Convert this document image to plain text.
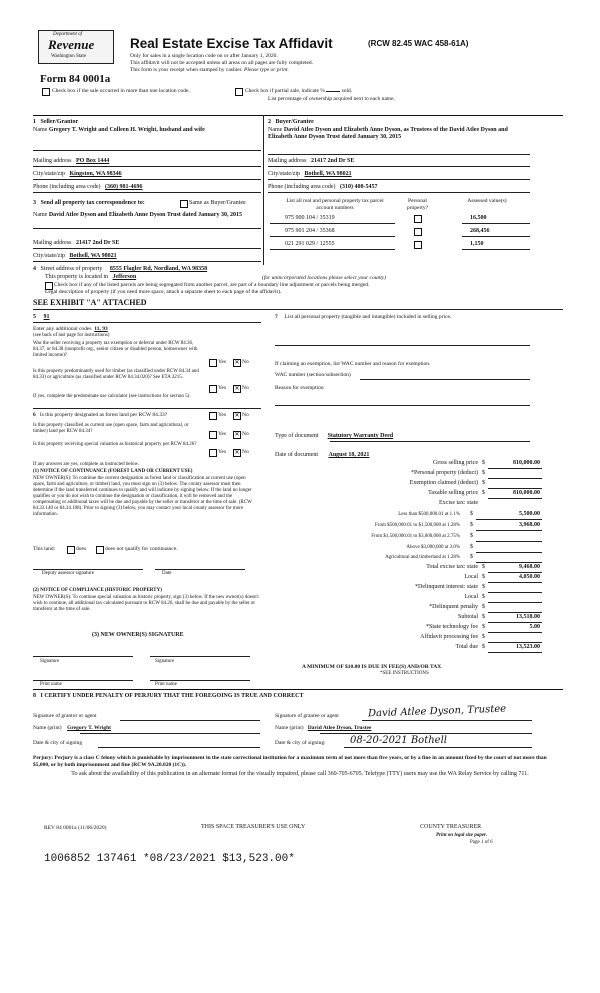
Department of
Revenue
Washington State
Real Estate Excise Tax Affidavit	(RCW 82.45 WAC 458-61A)
Only for sales in a single location code on or after January 1, 2020.
This affidavit will not be accepted unless all areas on all pages are fully completed.
This form is your receipt when stamped by cashier. Please type or print.
Form 84 0001a
Check box if the sale occurred in more than one location code.	Check box if partial sale, indicate %	sold.
List percentage of ownership acquired next to each name.
1 Seller/Grantor
Name Gregory T. Wright and Colleen H. Wright, husband and wife
Mailing address PO Box 1444
City/state/zip Kingston, WA 98346
Phone (including area code) (360) 981-4696
2 Buyer/Grantee
Name David Atlee Dyson and Elizabeth Anne Dyson, as Trustees of the David Atlee Dyson and Elizabeth Anne Dyson Trust dated January 30, 2015
Mailing address 21417 2nd Dr SE
City/state/zip Bothell, WA 98021
Phone (including area code) (310) 408-5457
List all real and personal property tax parcel account numbers
Personal property?
Assessed value(s)
975 900 104 / 35319	16,500
975 901 204 / 35368	268,456
021 291 029 / 12555	1,150
3 Send all property tax correspondence to:	Same as Buyer/Grantee
Name David Atlee Dyson and Elizabeth Anne Dyson Trust dated January 30, 2015
Mailing address 21417 2nd Dr SE
City/state/zip Bothell, WA 98021
4 Street address of property 8555 Flagler Rd, Nordland, WA 98358
This property is located in Jefferson	(for unincorporated locations please select your county)
Check box if any of the listed parcels are being segregated from another parcel, are part of a boundary line adjustment or parcels being merged.
Legal description of property (if you need more space, attach a separate sheet to each page of the affidavit).
SEE EXHIBIT "A" ATTACHED
5 91
Enter any additional codes 11, 93
(see back of last page for instructions)
Was the seller receiving a property tax exemption or deferral under RCW 84.36, 84.37, or 84.38 (nonprofit org., senior citizen or disabled person, homeowner with limited income)?
Yes ✕ No
Is this property predominantly used for timber (as classified under RCW 84.34 and 84.33) or agriculture (as classified under RCW 84.34.020)? See ETA 3215.
Yes ✕ No
If yes, complete the predominate use calculator (see instructions for section 5).
6 Is this property designated as forest land per RCW 84.33?	Yes ✕ No
Is this property classified as current use (open space, farm and agricultural, or timber) land per RCW 84.34?	Yes ✕ No
Is this property receiving special valuation as historical property per RCW 84.26?
Yes ✕ No
If any answers are yes, complete as instructed below.
(1) NOTICE OF CONTINUANCE (FOREST LAND OR CURRENT USE)
NEW OWNER(S): To continue the current designation as forest land or classification as current use (open space, farm and agriculture, or timber) land, you must sign on (3) below. The county assessor must then determine if the land transferred continues to qualify and will indicate by signing below. If the land no longer qualifies or you do not wish to continue the designation or classification, it will be removed and the compensating or additional taxes will be due and payable by the seller or transferor at the time of sale. (RCW 84.33.140 or 84.34.108). Prior to signing (3) below, you may contact your local county assessor for more information.
This land:	does	does not qualify for continuance.
Deputy assessor signature	Date
(2) NOTICE OF COMPLIANCE (HISTORIC PROPERTY)
NEW OWNER(S): To continue special valuation as historic property, sign (3) below. If the new owner(s) doesn't wish to continue, all additional tax calculated pursuant to RCW 84.26, shall be due and payable by the seller or transferor at the time of sale.
(3) NEW OWNER(S) SIGNATURE
Signature	Signature
Print name	Print name
7 List all personal property (tangible and intangible) included in selling price.
If claiming an exemption, list WAC number and reason for exemption.
WAC number (section/subsection)
Reason for exemption
Type of document Statutory Warranty Deed
Date of document August 18, 2021
Gross selling price $	810,000.00
*Personal property (deduct) $
Exemption claimed (deduct) $
Taxable selling price $	810,000.00
Excise tax: state
Less than $500,000.01 at 1.1% $	5,500.00
From $500,000.01 to $1,500,000 at 1.28% $	3,968.00
From $1,500,000.01 to $3,000,000 at 2.75% $
Above $3,000,000 at 3.0% $
Agricultural and timberland at 1.28% $
Total excise tax: state $	9,468.00
Local $	4,050.00
*Delinquent interest: state $
Local $
*Delinquent penalty $
Subtotal $	13,518.00
*State technology fee $	5.00
Affidavit processing fee $
Total due $	13,523.00
A MINIMUM OF $10.00 IS DUE IN FEE(S) AND/OR TAX
*SEE INSTRUCTIONS
8 I CERTIFY UNDER PENALTY OF PERJURY THAT THE FOREGOING IS TRUE AND CORRECT
Signature of grantor or agent	Signature of grantee or agent	David Atlee Dyson, Trustee
Name (print) Gregory T. Wright	Name (print) David Atlee Dyson, Trustee
Date & city of signing	Date & city of signing: 08-20-2021 Bothell
Perjury: Perjury is a class C felony which is punishable by imprisonment in the state correctional institution for a maximum term of not more than five years, or by a fine in an amount fixed by the court of not more than $5,000, or by both imprisonment and fine (RCW 9A.20.020 (1C)).
To ask about the availability of this publication in an alternate format for the visually impaired, please call 360-705-6705. Teletype (TTY) users may use the WA Relay Service by calling 711.
REV 84 0001a (11/06/2020)	THIS SPACE TREASURER'S USE ONLY	COUNTY TREASURER
Print on legal size paper.
Page 1 of 6
1006852 137461 *08/23/2021 $13,523.00*
